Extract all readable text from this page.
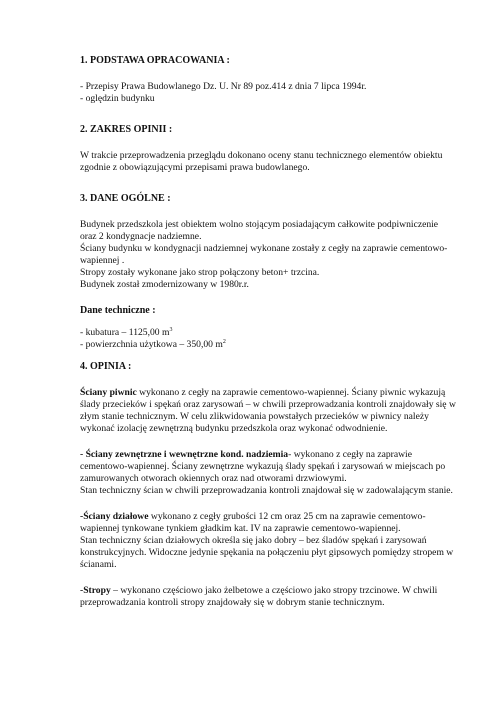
1. PODSTAWA OPRACOWANIA :

- Przepisy Prawa Budowlanego Dz. U. Nr 89 poz.414 z dnia 7 lipca 1994r.
- oględzin budynku

2. ZAKRES OPINII :

W trakcie przeprowadzenia przeglądu dokonano oceny stanu technicznego elementów obiektu
zgodnie z obowiązującymi przepisami prawa budowlanego.

3. DANE OGÓLNE :

Budynek przedszkola jest obiektem wolno stojącym posiadającym całkowite podpiwniczenie
oraz 2 kondygnacje nadziemne.
Ściany budynku w kondygnacji nadziemnej wykonane zostały z cegły na zaprawie cementowo-
wapiennej .
Stropy zostały wykonane jako strop połączony beton+ trzcina.
Budynek został zmodernizowany w 1980r.r.

Dane techniczne :

- kubatura – 1125,00 $m^3$
- powierzchnia użytkowa – 350,00 $m^2$

4. OPINIA :

Ściany piwnic wykonano z cegły na zaprawie cementowo-wapiennej. Ściany piwnic wykazują
ślady przecieków i spękań oraz zarysowań – w chwili przeprowadzania kontroli znajdowały się w
złym stanie technicznym. W celu zlikwidowania powstałych przecieków w piwnicy należy
wykonać izolację zewnętrzną budynku przedszkola oraz wykonać odwodnienie.
- Ściany zewnętrzne i wewnętrzne kond. nadziemia- wykonano z cegły na zaprawie
cementowo-wapiennej. Ściany zewnętrzne wykazują ślady spękań i zarysowań w miejscach po
zamurowanych otworach okiennych oraz nad otworami drzwiowymi.
Stan techniczny ścian w chwili przeprowadzania kontroli znajdował się w zadowalającym stanie.
-Ściany działowe wykonano z cegły grubości 12 cm oraz 25 cm na zaprawie cementowo-
wapiennej tynkowane tynkiem gładkim kat. IV na zaprawie cementowo-wapiennej.
Stan techniczny ścian działowych określa się jako dobry – bez śladów spękań i zarysowań
konstrukcyjnych. Widoczne jedynie spękania na połączeniu płyt gipsowych pomiędzy stropem w
ścianami.
-Stropy – wykonano częściowo jako żelbetowe a częściowo jako stropy trzcinowe. W chwili
przeprowadzania kontroli stropy znajdowały się w dobrym stanie technicznym.
